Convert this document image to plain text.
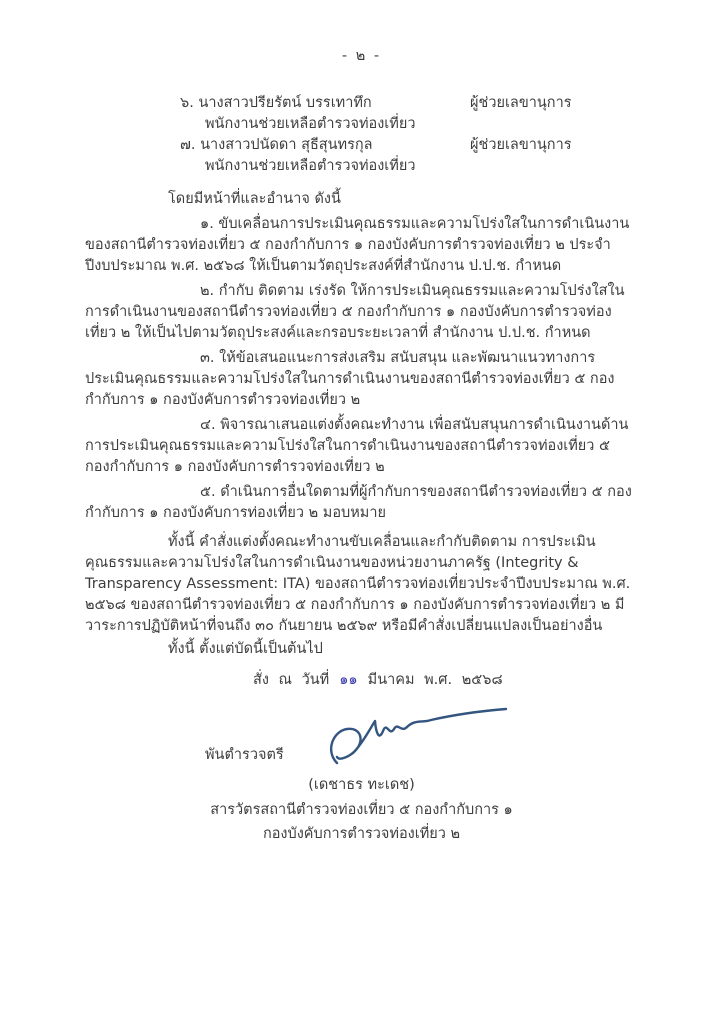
- ๒ -
๖. นางสาวปรียรัตน์ บรรเทาทึก	ผู้ช่วยเลขานุการ
พนักงานช่วยเหลือตำรวจท่องเที่ยว
๗. นางสาวปนัดดา สุธีสุนทรกุล	ผู้ช่วยเลขานุการ
พนักงานช่วยเหลือตำรวจท่องเที่ยว
โดยมีหน้าที่และอำนาจ ดังนี้

๑. ขับเคลื่อนการประเมินคุณธรรมและความโปร่งใสในการดำเนินงานของสถานีตำรวจท่องเที่ยว ๕ กองกำกับการ ๑ กองบังคับการตำรวจท่องเที่ยว ๒ ประจำปีงบประมาณ พ.ศ. ๒๕๖๘ ให้เป็นตามวัตถุประสงค์ที่สำนักงาน ป.ป.ช. กำหนด

๒. กำกับ ติดตาม เร่งรัด ให้การประเมินคุณธรรมและความโปร่งใสในการดำเนินงานของสถานีตำรวจท่องเที่ยว ๕ กองกำกับการ ๑ กองบังคับการตำรวจท่องเที่ยว ๒ ให้เป็นไปตามวัตถุประสงค์และกรอบระยะเวลาที่ สำนักงาน ป.ป.ช. กำหนด

๓. ให้ข้อเสนอแนะการส่งเสริม สนับสนุน และพัฒนาแนวทางการประเมินคุณธรรมและความโปร่งใสในการดำเนินงานของสถานีตำรวจท่องเที่ยว ๕ กองกำกับการ ๑ กองบังคับการตำรวจท่องเที่ยว ๒

๔. พิจารณาเสนอแต่งตั้งคณะทำงาน เพื่อสนับสนุนการดำเนินงานด้านการประเมินคุณธรรมและความโปร่งใสในการดำเนินงานของสถานีตำรวจท่องเที่ยว ๕ กองกำกับการ ๑ กองบังคับการตำรวจท่องเที่ยว ๒

๕. ดำเนินการอื่นใดตามที่ผู้กำกับการของสถานีตำรวจท่องเที่ยว ๕ กองกำกับการ ๑ กองบังคับการท่องเที่ยว ๒ มอบหมาย

ทั้งนี้ คำสั่งแต่งตั้งคณะทำงานขับเคลื่อนและกำกับติดตาม การประเมินคุณธรรมและความโปร่งใสในการดำเนินงานของหน่วยงานภาครัฐ (Integrity & Transparency Assessment: ITA) ของสถานีตำรวจท่องเที่ยวประจำปีงบประมาณ พ.ศ. ๒๕๖๘ ของสถานีตำรวจท่องเที่ยว ๕ กองกำกับการ ๑ กองบังคับการตำรวจท่องเที่ยว ๒ มีวาระการปฏิบัติหน้าที่จนถึง ๓๐ กันยายน ๒๕๖๙ หรือมีคำสั่งเปลี่ยนแปลงเป็นอย่างอื่น

ทั้งนี้ ตั้งแต่บัดนี้เป็นต้นไป
สั่ง ณ วันที่ ๑๑ มีนาคม พ.ศ. ๒๕๖๘
พันตำรวจตรี
(เดชาธร ทะเดช)
สารวัตรสถานีตำรวจท่องเที่ยว ๕ กองกำกับการ ๑
กองบังคับการตำรวจท่องเที่ยว ๒
